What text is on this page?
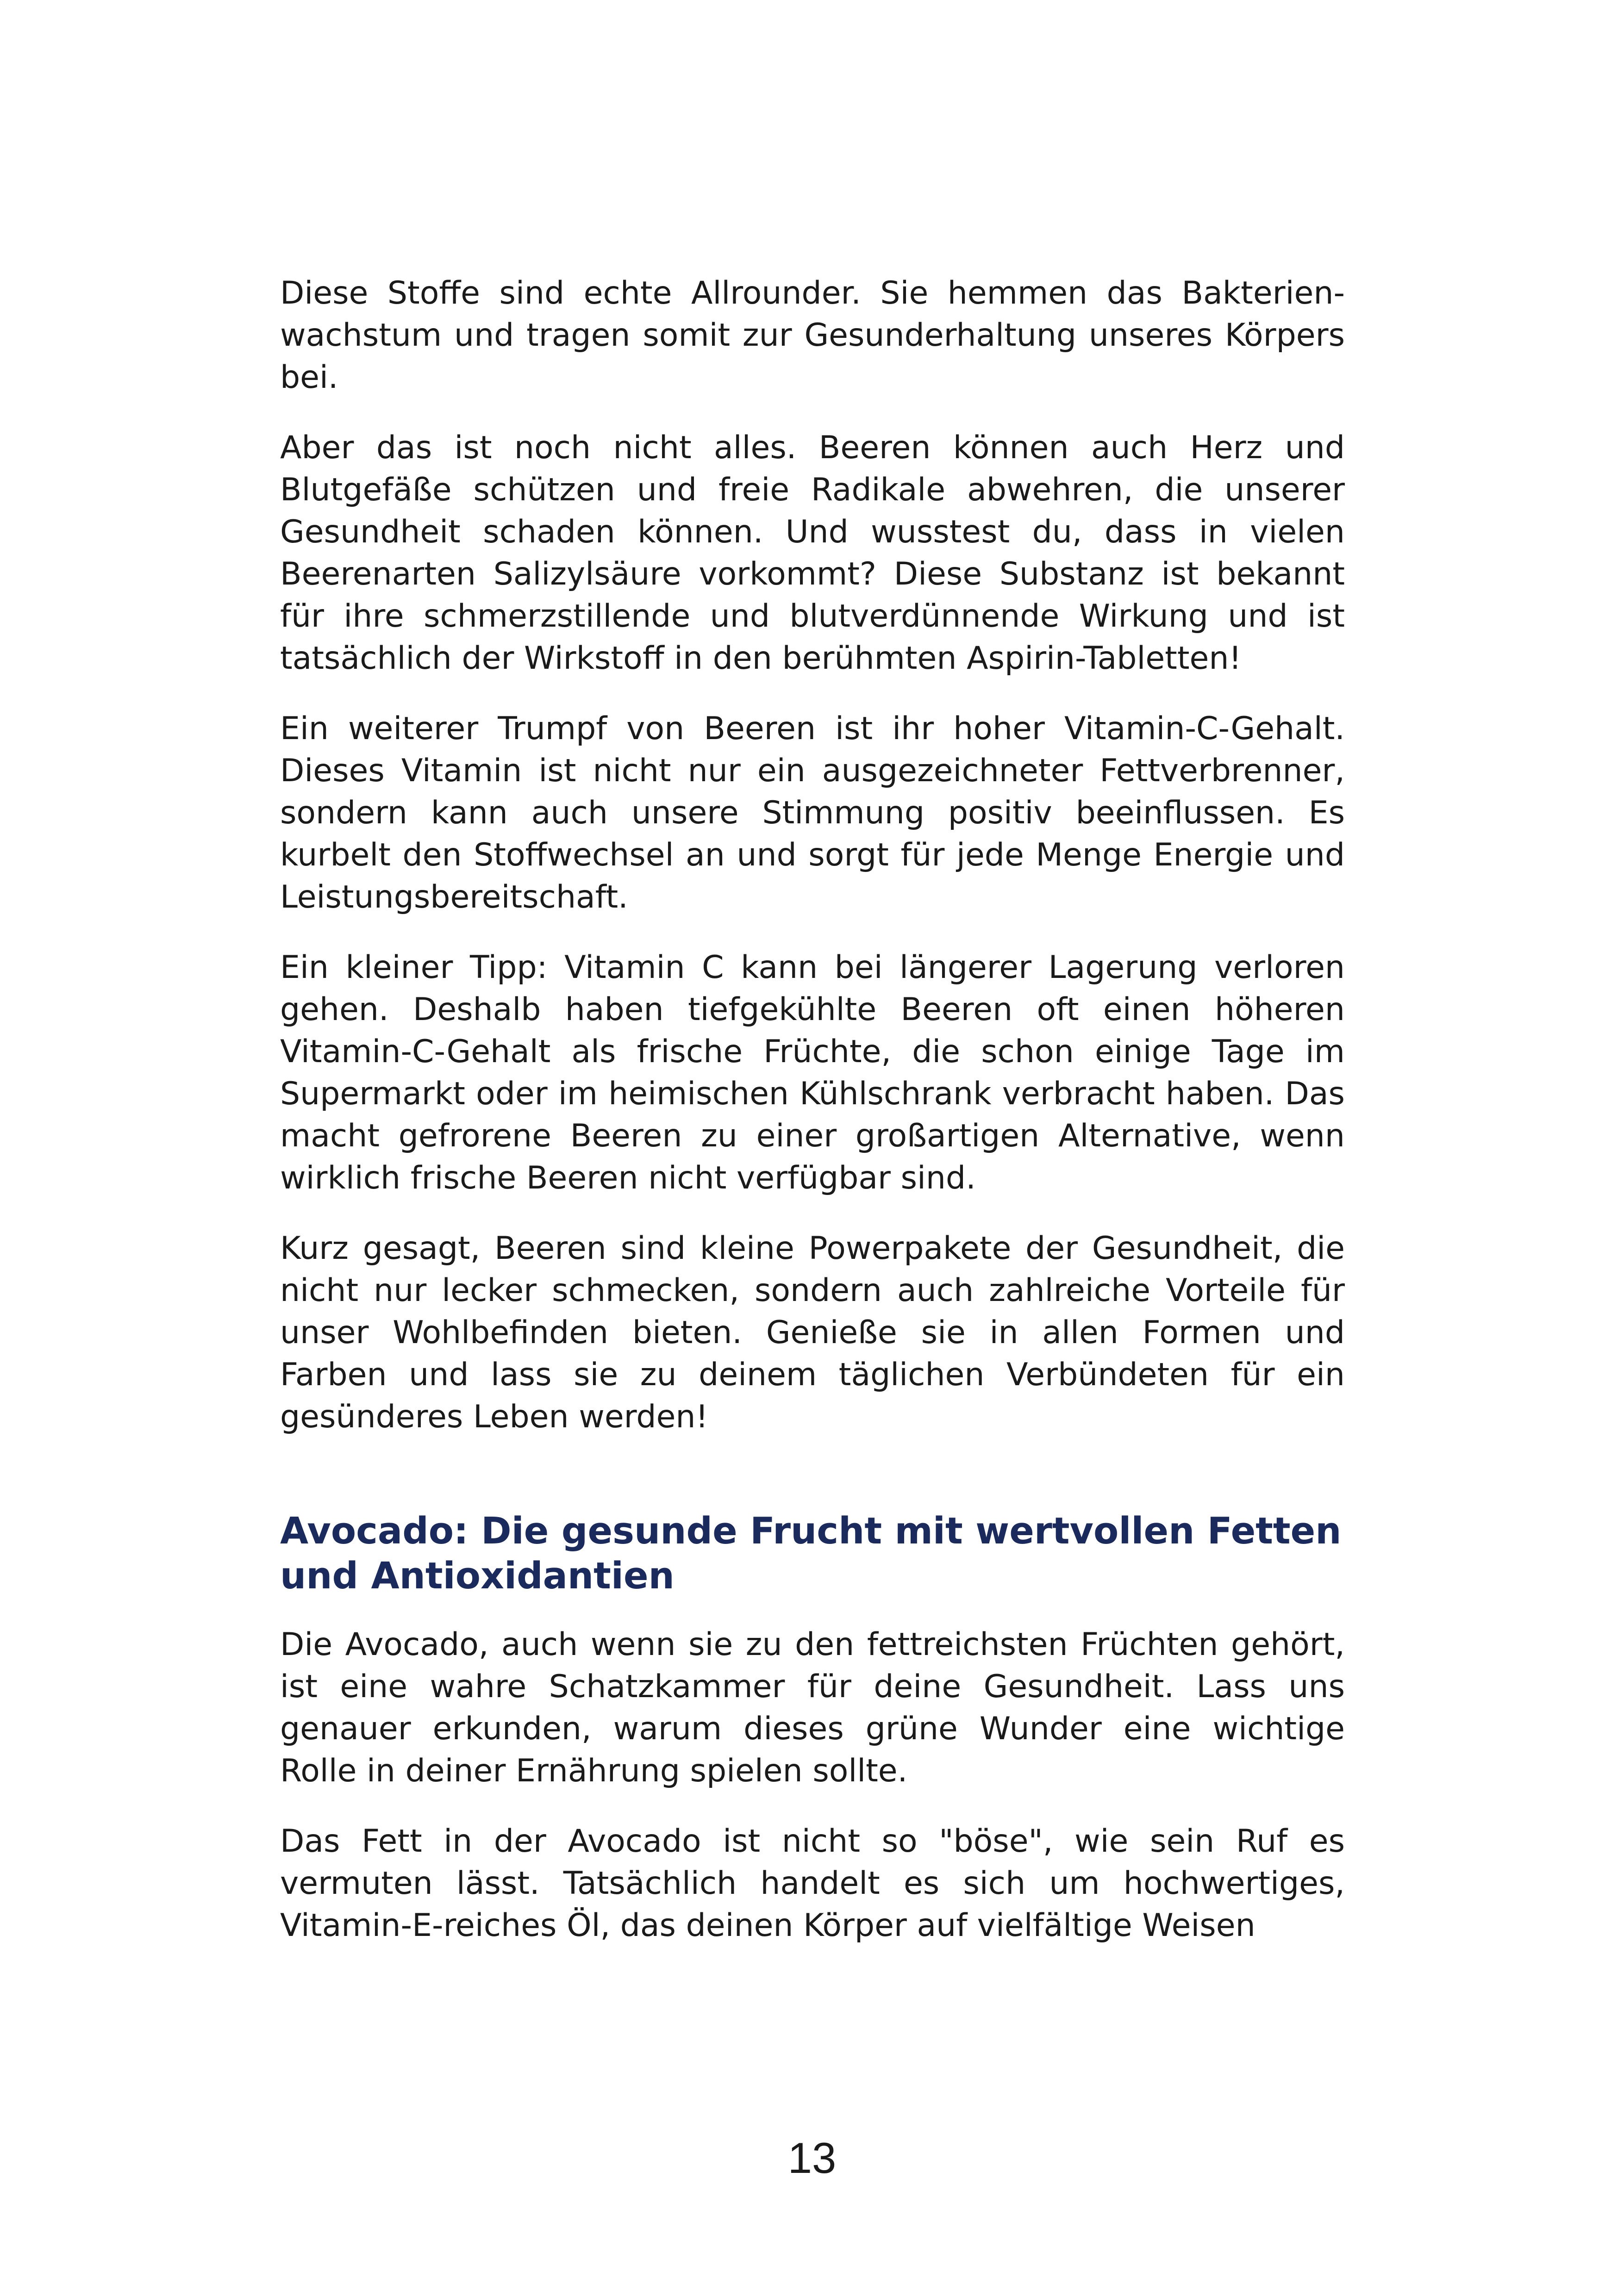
Diese Stoffe sind echte Allrounder. Sie hemmen das Bakterienwachstum und tragen somit zur Gesunderhaltung unseres Körpers bei.

Aber das ist noch nicht alles. Beeren können auch Herz und Blutgefäße schützen und freie Radikale abwehren, die unserer Gesundheit schaden können. Und wusstest du, dass in vielen Beerenarten Salizylsäure vorkommt? Diese Substanz ist bekannt für ihre schmerzstillende und blutverdünnende Wirkung und ist tatsächlich der Wirkstoff in den berühmten Aspirin-Tabletten!

Ein weiterer Trumpf von Beeren ist ihr hoher Vitamin-C-Gehalt. Dieses Vitamin ist nicht nur ein ausgezeichneter Fettverbrenner, sondern kann auch unsere Stimmung positiv beeinflussen. Es kurbelt den Stoffwechsel an und sorgt für jede Menge Energie und Leistungsbereitschaft.

Ein kleiner Tipp: Vitamin C kann bei längerer Lagerung verloren gehen. Deshalb haben tiefgekühlte Beeren oft einen höheren Vitamin-C-Gehalt als frische Früchte, die schon einige Tage im Supermarkt oder im heimischen Kühlschrank verbracht haben. Das macht gefrorene Beeren zu einer großartigen Alternative, wenn wirklich frische Beeren nicht verfügbar sind.

Kurz gesagt, Beeren sind kleine Powerpakete der Gesundheit, die nicht nur lecker schmecken, sondern auch zahlreiche Vorteile für unser Wohlbefinden bieten. Genieße sie in allen Formen und Farben und lass sie zu deinem täglichen Verbündeten für ein gesünderes Leben werden!

Avocado: Die gesunde Frucht mit wertvollen Fetten und Antioxidantien

Die Avocado, auch wenn sie zu den fettreichsten Früchten gehört, ist eine wahre Schatzkammer für deine Gesundheit. Lass uns genauer erkunden, warum dieses grüne Wunder eine wichtige Rolle in deiner Ernährung spielen sollte.

Das Fett in der Avocado ist nicht so "böse", wie sein Ruf es vermuten lässt. Tatsächlich handelt es sich um hochwertiges, Vitamin-E-reiches Öl, das deinen Körper auf vielfältige Weisen

13
